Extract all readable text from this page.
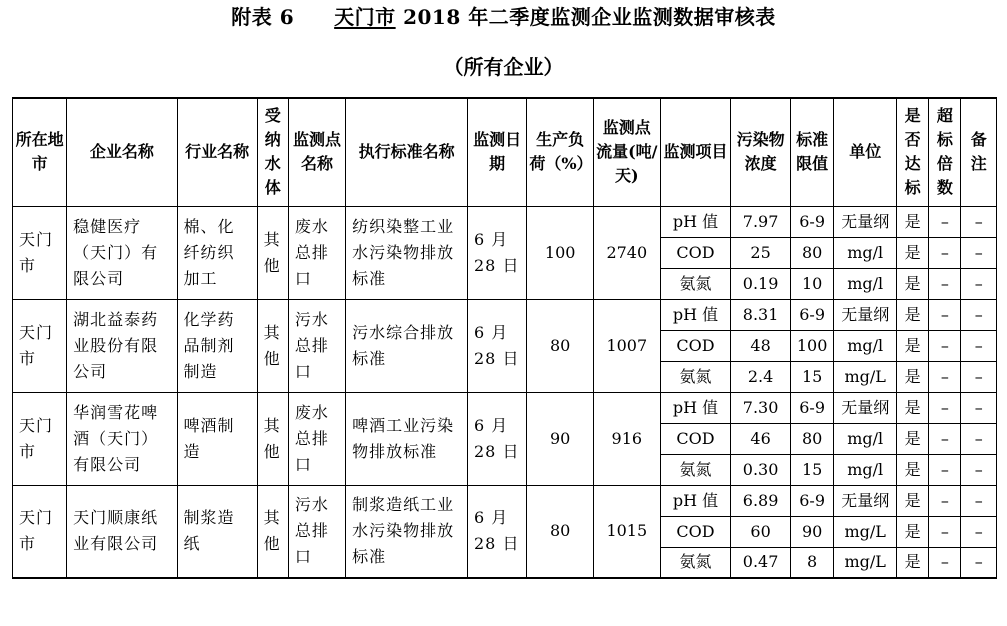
附表 6 天门市 2018 年二季度监测企业监测数据审核表
（所有企业）
所在地市	企业名称	行业名称	受纳水体	监测点名称	执行标准名称	监测日期	生产负荷（%）	监测点流量(吨/天)	监测项目	污染物浓度	标准限值	单位	是否达标	超标倍数	备注

天门市	稳健医疗（天门）有限公司	棉、化纤纺织加工	其他	废水总排口	纺织染整工业水污染物排放标准	6 月 28 日	100	2740	pH 值	7.97	6-9	无量纲	是	–	–
									COD	25	80	mg/l	是	–	–
									氨氮	0.19	10	mg/l	是	–	–

天门市	湖北益泰药业股份有限公司	化学药品制剂制造	其他	污水总排口	污水综合排放标准	6 月 28 日	80	1007	pH 值	8.31	6-9	无量纲	是	–	–
									COD	48	100	mg/l	是	–	–
									氨氮	2.4	15	mg/L	是	–	–

天门市	华润雪花啤酒（天门）有限公司	啤酒制造	其他	废水总排口	啤酒工业污染物排放标准	6 月 28 日	90	916	pH 值	7.30	6-9	无量纲	是	–	–
									COD	46	80	mg/l	是	–	–
									氨氮	0.30	15	mg/l	是	–	–

天门市	天门顺康纸业有限公司	制浆造纸	其他	污水总排口	制浆造纸工业水污染物排放标准	6 月 28 日	80	1015	pH 值	6.89	6-9	无量纲	是	–	–
									COD	60	90	mg/L	是	–	–
									氨氮	0.47	8	mg/L	是	–	–
